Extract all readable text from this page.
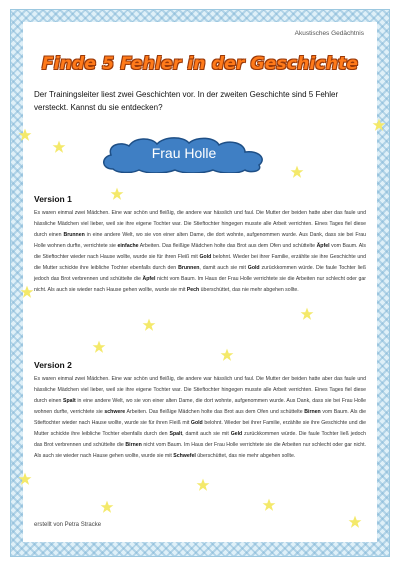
Akustisches Gedächtnis
Finde 5 Fehler in der Geschichte
Der Trainingsleiter liest zwei Geschichten vor. In der zweiten Geschichte sind 5 Fehler versteckt. Kannst du sie entdecken?
Frau Holle
Version 1
Es waren einmal zwei Mädchen. Eine war schön und fleißig, die andere war hässlich und faul. Die Mutter der beiden hatte aber das faule und hässliche Mädchen viel lieber, weil sie ihre eigene Tochter war. Die Stieftochter hingegen musste alle Arbeit verrichten. Eines Tages fiel diese durch einen Brunnen in eine andere Welt, wo sie von einer alten Dame, die dort wohnte, aufgenommen wurde. Aus Dank, dass sie bei Frau Holle wohnen durfte, verrichtete sie einfache Arbeiten. Das fleißige Mädchen holte das Brot aus dem Ofen und schüttelte Äpfel vom Baum. Als die Stieftochter wieder nach Hause wollte, wurde sie für ihren Fleiß mit Gold belohnt. Wieder bei ihrer Familie, erzählte sie ihre Geschichte und die Mutter schickte ihre leibliche Tochter ebenfalls durch den Brunnen, damit auch sie mit Gold zurückkommen würde. Die faule Tochter ließ jedoch das Brot verbrennen und schüttelte die Äpfel nicht vom Baum. Im Haus der Frau Holle verrichtete sie die Arbeiten nur schlecht oder gar nicht. Als auch sie wieder nach Hause gehen wollte, wurde sie mit Pech überschüttet, das nie mehr abgehen sollte.
Version 2
Es waren einmal zwei Mädchen. Eine war schön und fleißig, die andere war hässlich und faul. Die Mutter der beiden hatte aber das faule und hässliche Mädchen viel lieber, weil sie ihre eigene Tochter war. Die Stieftochter hingegen musste alle Arbeit verrichten. Eines Tages fiel diese durch einen Spalt in eine andere Welt, wo sie von einer alten Dame, die dort wohnte, aufgenommen wurde. Aus Dank, dass sie bei Frau Holle wohnen durfte, verrichtete sie schwere Arbeiten. Das fleißige Mädchen holte das Brot aus dem Ofen und schüttelte Birnen vom Baum. Als die Stieftochter wieder nach Hause wollte, wurde sie für ihren Fleiß mit Gold belohnt. Wieder bei ihrer Familie, erzählte sie ihre Geschichte und die Mutter schickte ihre leibliche Tochter ebenfalls durch den Spalt, damit auch sie mit Geld zurückkommen würde. Die faule Tochter ließ jedoch das Brot verbrennen und schüttelte die Birnen nicht vom Baum. Im Haus der Frau Holle verrichtete sie die Arbeiten nur schlecht oder gar nicht. Als auch sie wieder nach Hause gehen wollte, wurde sie mit Schwefel überschüttet, das nie mehr abgehen sollte.
erstellt von Petra Stracke
